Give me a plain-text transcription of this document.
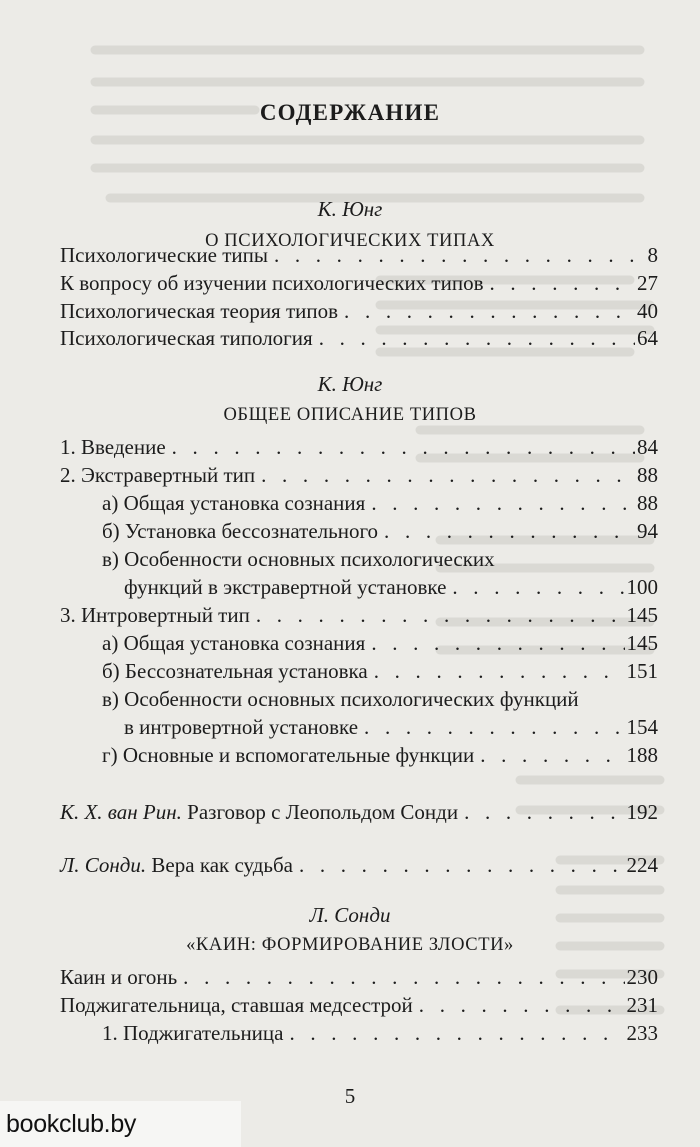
СОДЕРЖАНИЕ
К. Юнг
О ПСИХОЛОГИЧЕСКИХ ТИПАХ
Психологические типы . . .	8
К вопросу об изучении психологических типов . . .	27
Психологическая теория типов . . .	40
Психологическая типология . . .	64
К. Юнг
ОБЩЕЕ ОПИСАНИЕ ТИПОВ
1. Введение . . .	84
2. Экстравертный тип . . .	88
а) Общая установка сознания . . .	88
б) Установка бессознательного . . .	94
в) Особенности основных психологических
функций в экстравертной установке . . .	100
3. Интровертный тип . . .	145
а) Общая установка сознания . . .	145
б) Бессознательная установка . . .	151
в) Особенности основных психологических функций
в интровертной установке . . .	154
г) Основные и вспомогательные функции . . .	188
К. Х. ван Рин. Разговор с Леопольдом Сонди . . .	192
Л. Сонди. Вера как судьба . . .	224
Л. Сонди
«КАИН: ФОРМИРОВАНИЕ ЗЛОСТИ»
Каин и огонь . . .	230
Поджигательница, ставшая медсестрой . . .	231
1. Поджигательница . . .	233
5
bookclub.by
